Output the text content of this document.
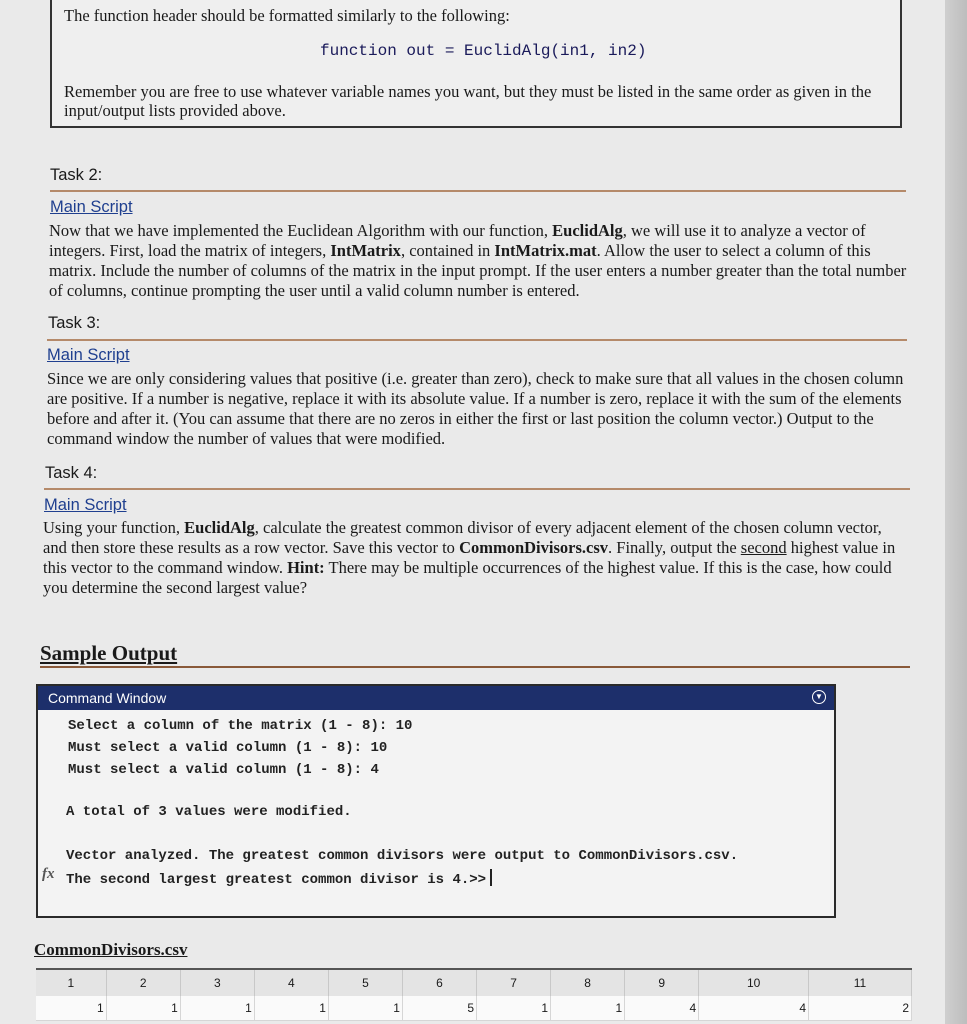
The function header should be formatted similarly to the following:
function out = EuclidAlg(in1, in2)
Remember you are free to use whatever variable names you want, but they must be listed in the same order as given in the input/output lists provided above.
Task 2:
Main Script
Now that we have implemented the Euclidean Algorithm with our function, EuclidAlg, we will use it to analyze a vector of integers. First, load the matrix of integers, IntMatrix, contained in IntMatrix.mat. Allow the user to select a column of this matrix. Include the number of columns of the matrix in the input prompt. If the user enters a number greater than the total number of columns, continue prompting the user until a valid column number is entered.
Task 3:
Main Script
Since we are only considering values that positive (i.e. greater than zero), check to make sure that all values in the chosen column are positive. If a number is negative, replace it with its absolute value. If a number is zero, replace it with the sum of the elements before and after it. (You can assume that there are no zeros in either the first or last position the column vector.) Output to the command window the number of values that were modified.
Task 4:
Main Script
Using your function, EuclidAlg, calculate the greatest common divisor of every adjacent element of the chosen column vector, and then store these results as a row vector. Save this vector to CommonDivisors.csv. Finally, output the second highest value in this vector to the command window. Hint: There may be multiple occurrences of the highest value. If this is the case, how could you determine the second largest value?
Sample Output
Command Window	▼
Select a column of the matrix (1 - 8): 10
Must select a valid column (1 - 8): 10
Must select a valid column (1 - 8): 4
A total of 3 values were modified.
Vector analyzed. The greatest common divisors were output to CommonDivisors.csv.
fx The second largest greatest common divisor is 4.>>
CommonDivisors.csv
1	2	3	4	5	6	7	8	9	10	11
1	1	1	1	1	5	1	1	4	4	2
